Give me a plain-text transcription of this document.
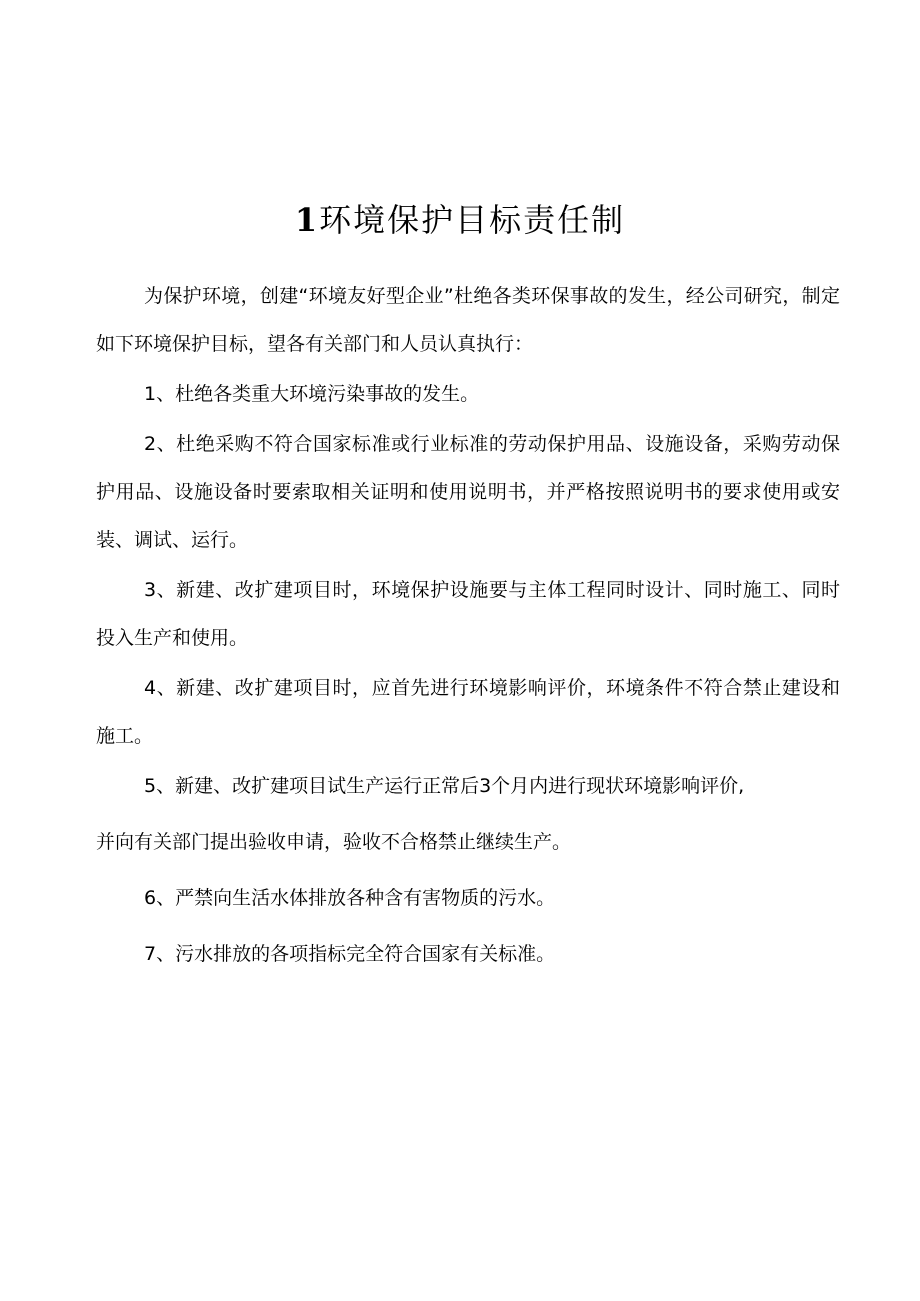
1环境保护目标责任制

为保护环境，创建“环境友好型企业”杜绝各类环保事故的发生，经公司研究，制定如下环境保护目标，望各有关部门和人员认真执行：

1、杜绝各类重大环境污染事故的发生。

2、杜绝采购不符合国家标准或行业标准的劳动保护用品、设施设备，采购劳动保护用品、设施设备时要索取相关证明和使用说明书，并严格按照说明书的要求使用或安装、调试、运行。

3、新建、改扩建项目时，环境保护设施要与主体工程同时设计、同时施工、同时投入生产和使用。

4、新建、改扩建项目时，应首先进行环境影响评价，环境条件不符合禁止建设和施工。

5、新建、改扩建项目试生产运行正常后3个月内进行现状环境影响评价,

并向有关部门提出验收申请，验收不合格禁止继续生产。

6、严禁向生活水体排放各种含有害物质的污水。

7、污水排放的各项指标完全符合国家有关标准。
